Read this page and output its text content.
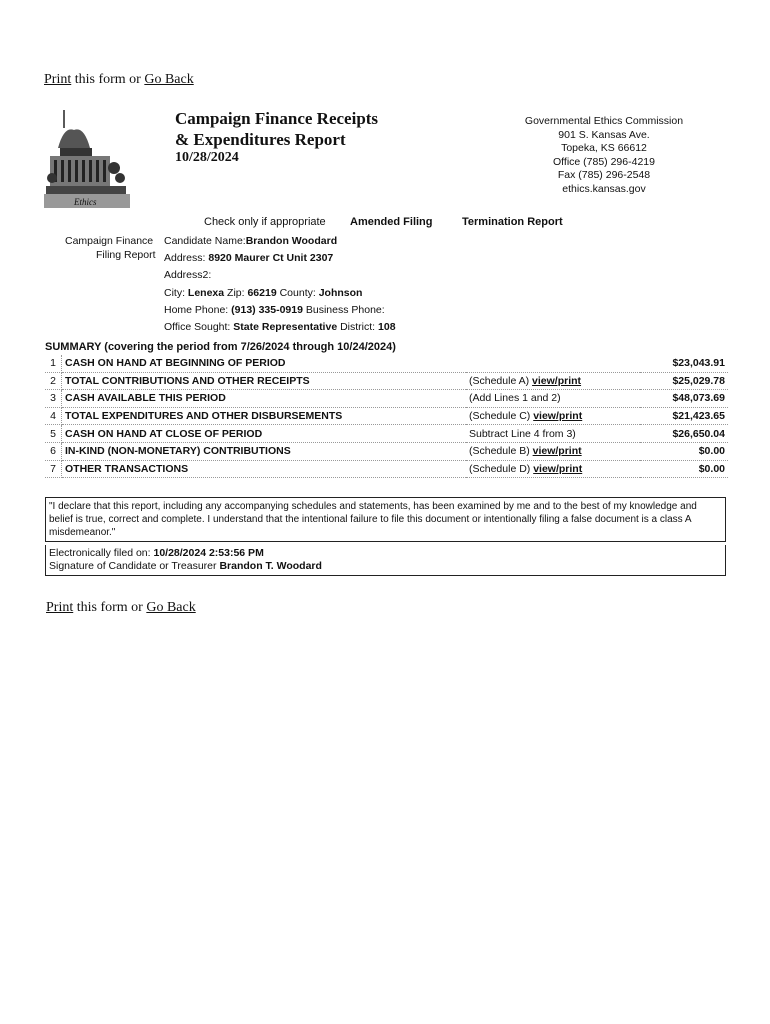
Print this form or Go Back
Ethics
Campaign Finance Receipts
& Expenditures Report
10/28/2024
Governmental Ethics Commission
901 S. Kansas Ave.
Topeka, KS 66612
Office (785) 296-4219
Fax (785) 296-2548
ethics.kansas.gov
Check only if appropriate	Amended Filing	Termination Report
Campaign Finance
Filing Report
Candidate Name:Brandon Woodard
Address: 8920 Maurer Ct Unit 2307
Address2:
City: Lenexa Zip: 66219 County: Johnson
Home Phone: (913) 335-0919 Business Phone:
Office Sought: State Representative District: 108
SUMMARY (covering the period from 7/26/2024 through 10/24/2024)
1	CASH ON HAND AT BEGINNING OF PERIOD		$23,043.91
2	TOTAL CONTRIBUTIONS AND OTHER RECEIPTS	(Schedule A) view/print	$25,029.78
3	CASH AVAILABLE THIS PERIOD	(Add Lines 1 and 2)	$48,073.69
4	TOTAL EXPENDITURES AND OTHER DISBURSEMENTS	(Schedule C) view/print	$21,423.65
5	CASH ON HAND AT CLOSE OF PERIOD	Subtract Line 4 from 3)	$26,650.04
6	IN-KIND (NON-MONETARY) CONTRIBUTIONS	(Schedule B) view/print	$0.00
7	OTHER TRANSACTIONS	(Schedule D) view/print	$0.00
"I declare that this report, including any accompanying schedules and statements, has been examined by me and to the best of my knowledge and belief is true, correct and complete. I understand that the intentional failure to file this document or intentionally filing a false document is a class A misdemeanor."
Electronically filed on: 10/28/2024 2:53:56 PM
Signature of Candidate or Treasurer Brandon T. Woodard
Print this form or Go Back
